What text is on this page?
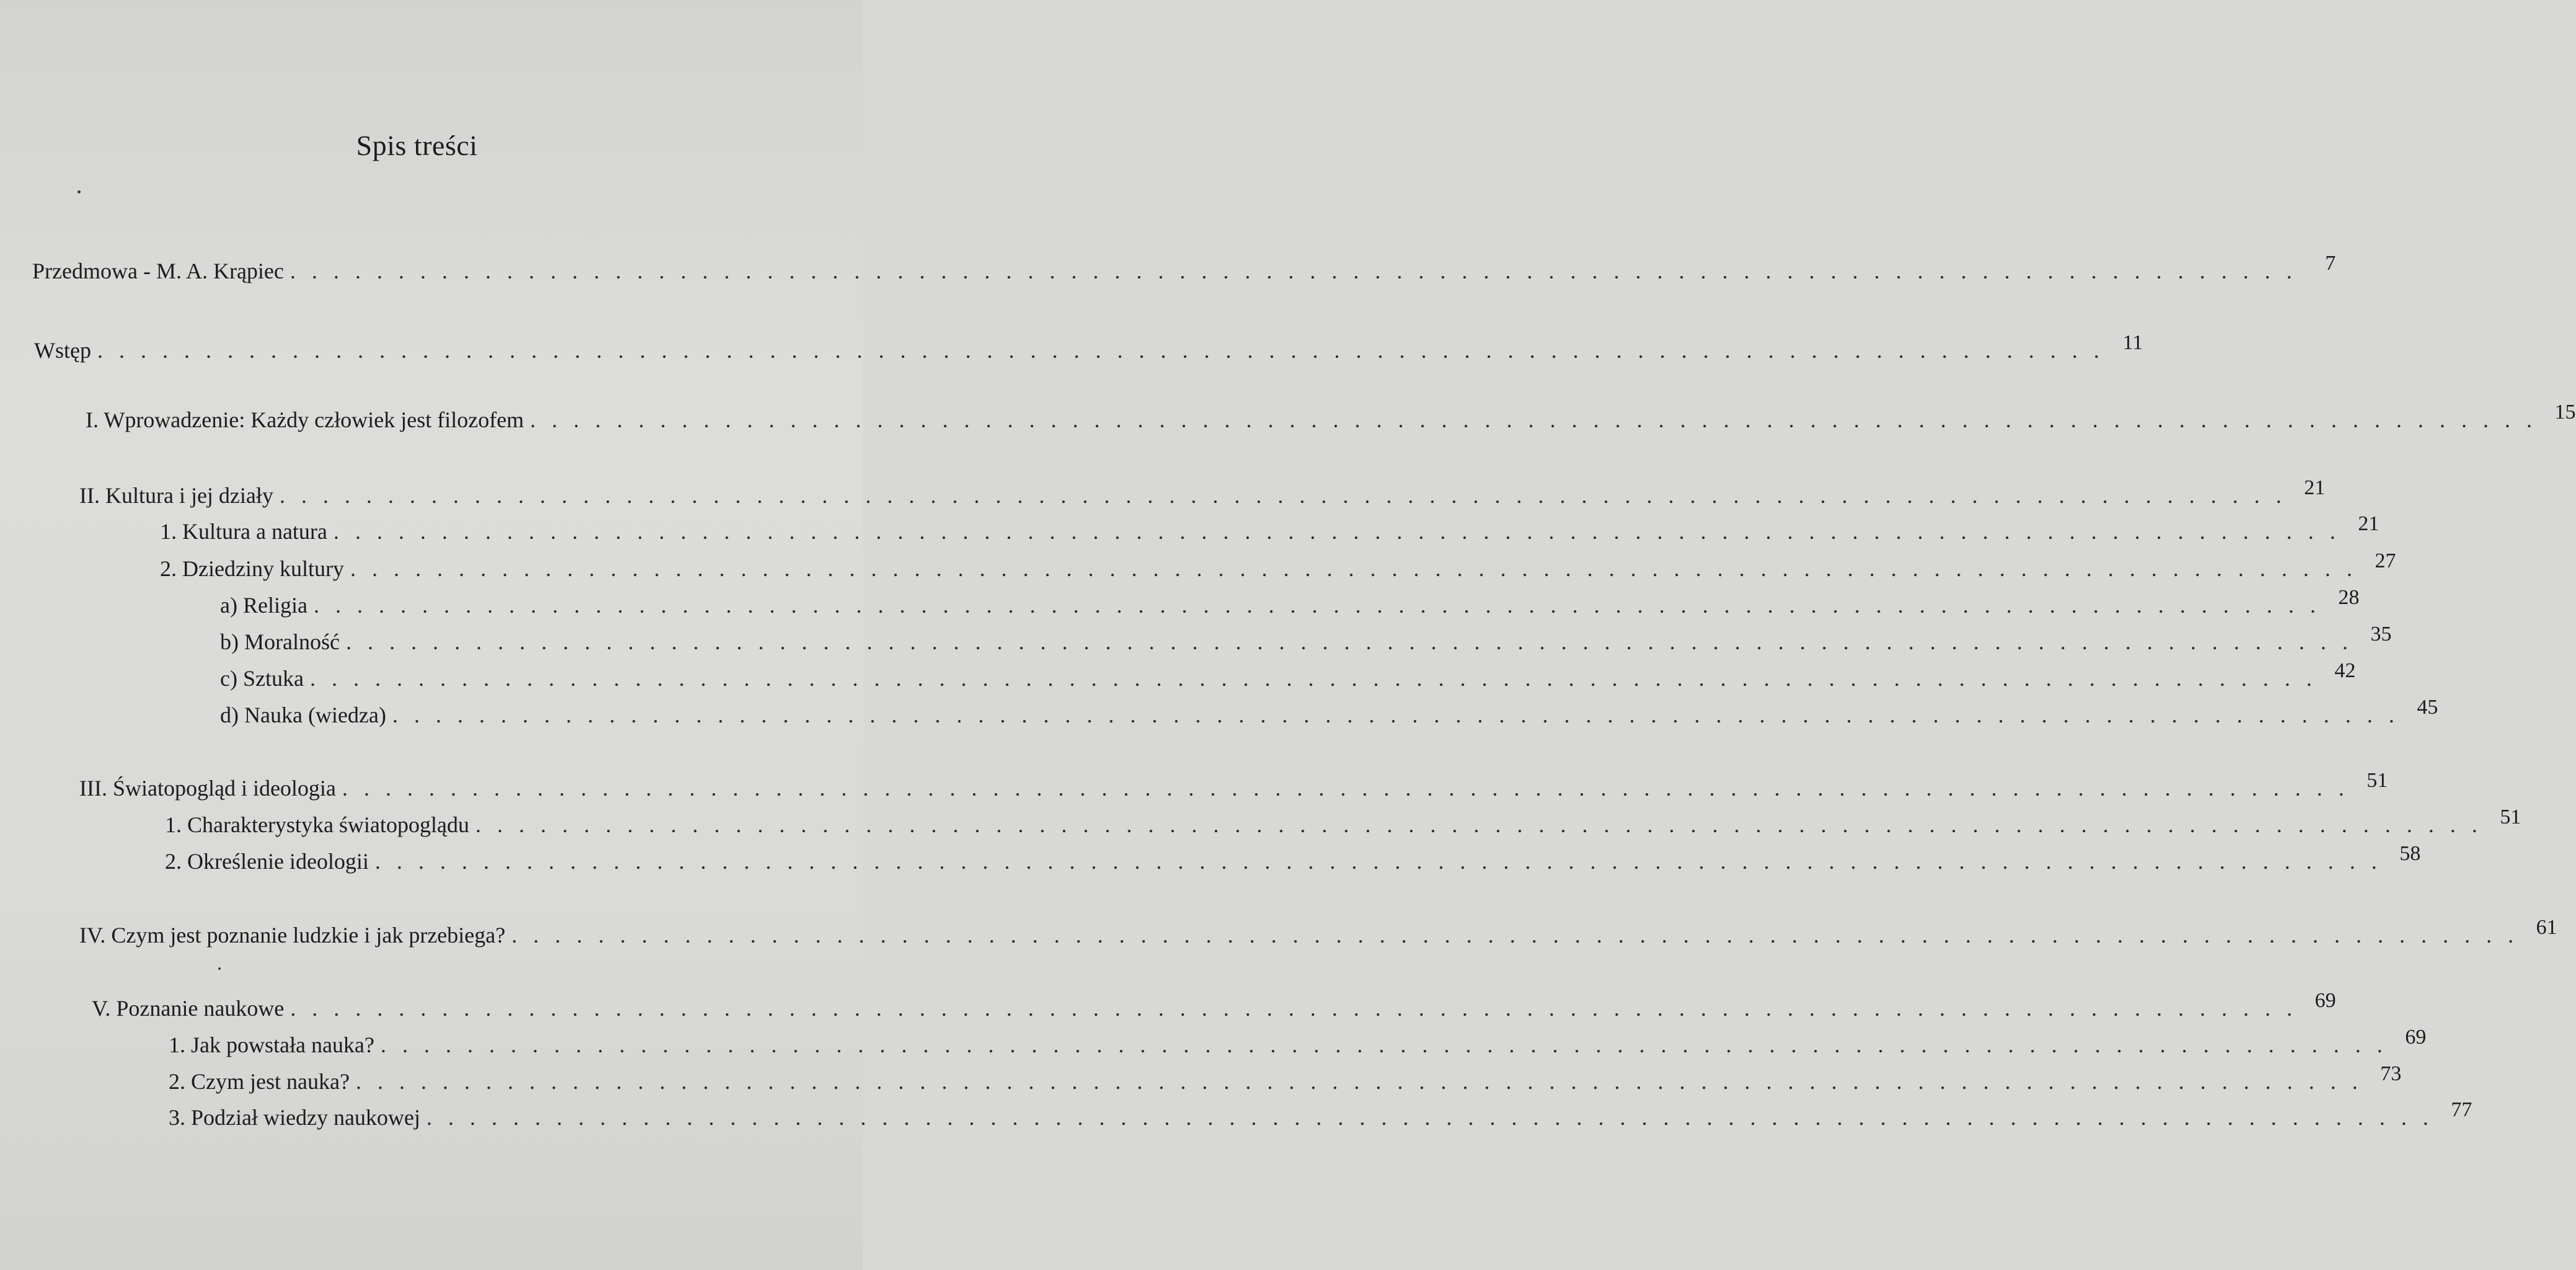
Spis treści
Przedmowa - M. A. Krąpiec . . . . . . . . . . . . . . . . . . . . . . . . . . . . . . . . . . . . . . . . . . . . . . . . . . . . . . . . . . . . . . . . . . . . . . . . . . . . . . . . . . . . . . . . . . . . .	7
Wstęp . . . . . . . . . . . . . . . . . . . . . . . . . . . . . . . . . . . . . . . . . . . . . . . . . . . . . . . . . . . . . . . . . . . . . . . . . . . . . . . . . . . . . . . . . . . . . 11
I. Wprowadzenie: Każdy człowiek jest filozofem . . . . . . . . . . . . . . . . . . . . . . . . . . . . . . . . . . . . . . . . . . . . . . . . . . . . . . . . . . . . . . . . . . . . . . . . . . . . . . . . . . . . . . . . . . . . . 15
II. Kultura i jej działy . . . . . . . . . . . . . . . . . . . . . . . . . . . . . . . . . . . . . . . . . . . . . . . . . . . . . . . . . . . . . . . . . . . . . . . . . . . . . . . . . . . . . . . . . . . . . 21
1. Kultura a natura . . . . . . . . . . . . . . . . . . . . . . . . . . . . . . . . . . . . . . . . . . . . . . . . . . . . . . . . . . . . . . . . . . . . . . . . . . . . . . . . . . . . . . . . . . . . . 21
2. Dziedziny kultury . . . . . . . . . . . . . . . . . . . . . . . . . . . . . . . . . . . . . . . . . . . . . . . . . . . . . . . . . . . . . . . . . . . . . . . . . . . . . . . . . . . . . . . . . . . . . 27
a) Religia . . . . . . . . . . . . . . . . . . . . . . . . . . . . . . . . . . . . . . . . . . . . . . . . . . . . . . . . . . . . . . . . . . . . . . . . . . . . . . . . . . . . . . . . . . . . . 28
b) Moralność . . . . . . . . . . . . . . . . . . . . . . . . . . . . . . . . . . . . . . . . . . . . . . . . . . . . . . . . . . . . . . . . . . . . . . . . . . . . . . . . . . . . . . . . . . . . . 35
c) Sztuka . . . . . . . . . . . . . . . . . . . . . . . . . . . . . . . . . . . . . . . . . . . . . . . . . . . . . . . . . . . . . . . . . . . . . . . . . . . . . . . . . . . . . . . . . . . . . 42
d) Nauka (wiedza) . . . . . . . . . . . . . . . . . . . . . . . . . . . . . . . . . . . . . . . . . . . . . . . . . . . . . . . . . . . . . . . . . . . . . . . . . . . . . . . . . . . . . . . . . . . . . 45
III. Światopogląd i ideologia . . . . . . . . . . . . . . . . . . . . . . . . . . . . . . . . . . . . . . . . . . . . . . . . . . . . . . . . . . . . . . . . . . . . . . . . . . . . . . . . . . . . . . . . . . . . . 51
1. Charakterystyka światopoglądu . . . . . . . . . . . . . . . . . . . . . . . . . . . . . . . . . . . . . . . . . . . . . . . . . . . . . . . . . . . . . . . . . . . . . . . . . . . . . . . . . . . . . . . . . . . . . 51
2. Określenie ideologii . . . . . . . . . . . . . . . . . . . . . . . . . . . . . . . . . . . . . . . . . . . . . . . . . . . . . . . . . . . . . . . . . . . . . . . . . . . . . . . . . . . . . . . . . . . . . 58
IV. Czym jest poznanie ludzkie i jak przebiega? . . . . . . . . . . . . . . . . . . . . . . . . . . . . . . . . . . . . . . . . . . . . . . . . . . . . . . . . . . . . . . . . . . . . . . . . . . . . . . . . . . . . . . . . . . . . . 61
V. Poznanie naukowe . . . . . . . . . . . . . . . . . . . . . . . . . . . . . . . . . . . . . . . . . . . . . . . . . . . . . . . . . . . . . . . . . . . . . . . . . . . . . . . . . . . . . . . . . . . . . 69
1. Jak powstała nauka? . . . . . . . . . . . . . . . . . . . . . . . . . . . . . . . . . . . . . . . . . . . . . . . . . . . . . . . . . . . . . . . . . . . . . . . . . . . . . . . . . . . . . . . . . . . . . 69
2. Czym jest nauka? . . . . . . . . . . . . . . . . . . . . . . . . . . . . . . . . . . . . . . . . . . . . . . . . . . . . . . . . . . . . . . . . . . . . . . . . . . . . . . . . . . . . . . . . . . . . . 73
3. Podział wiedzy naukowej . . . . . . . . . . . . . . . . . . . . . . . . . . . . . . . . . . . . . . . . . . . . . . . . . . . . . . . . . . . . . . . . . . . . . . . . . . . . . . . . . . . . . . . . . . . . . 77
